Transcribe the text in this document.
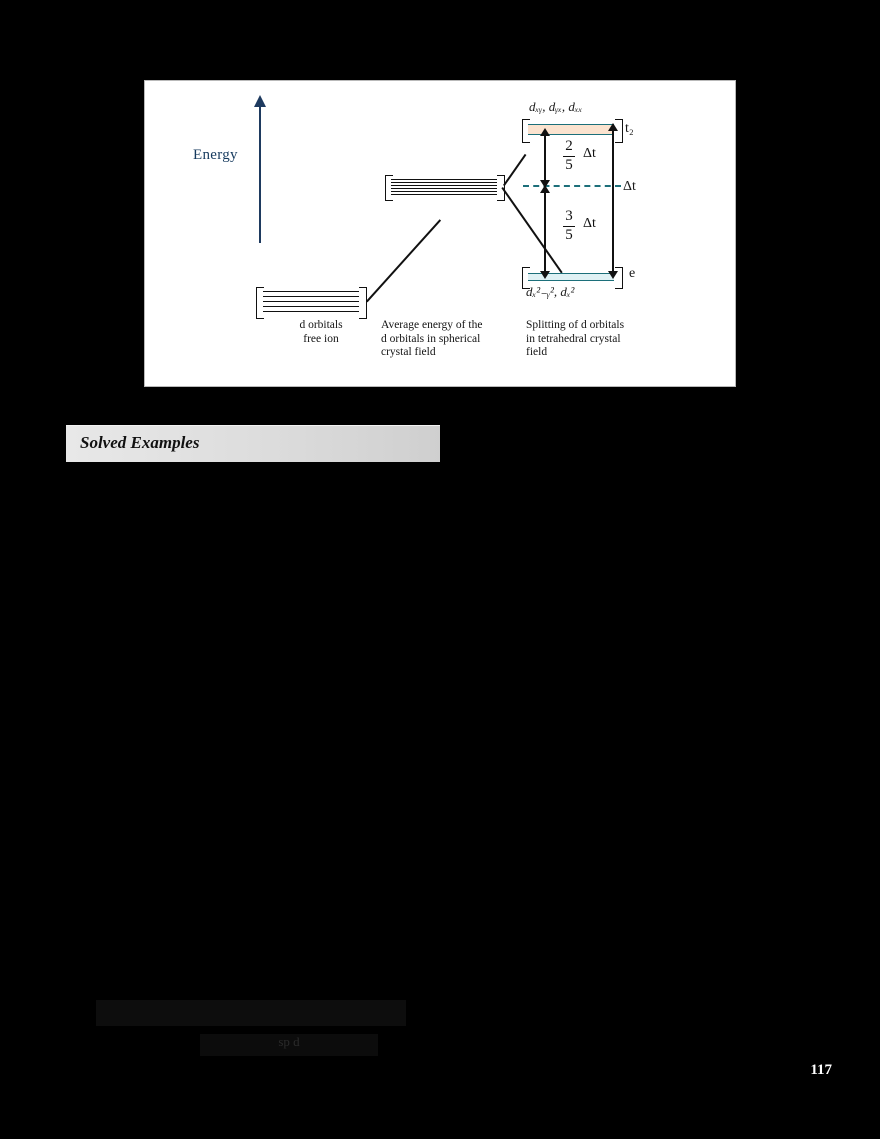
Energy
dₓᵧ, dᵧₓ, dₓₓ
t₂
e
dₓ²₋ᵧ², dₓ²
2
5
Δt
3
5
Δt
Δt
d orbitals
free ion
Average energy of the
d orbitals in spherical
crystal field
Splitting of d orbitals
in tetrahedral crystal
field
Solved Examples
sp d
117
